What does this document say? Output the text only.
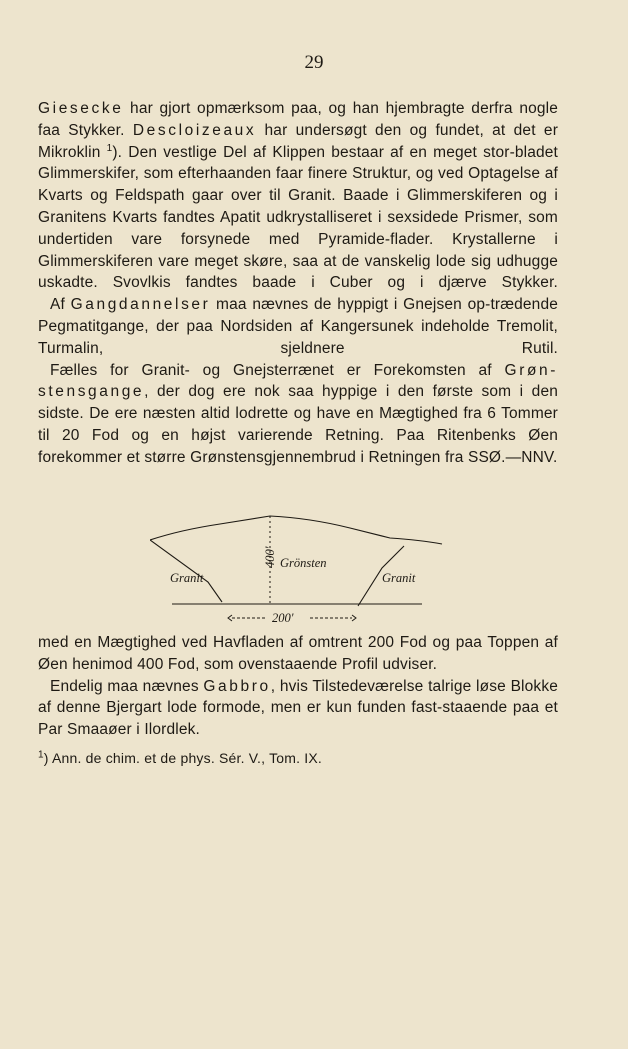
29

Giesecke har gjort opmærksom paa, og han hjembragte derfra nogle faa Stykker. Descloizeaux har undersøgt den og fundet, at det er Mikroklin $^1$). Den vestlige Del af Klippen bestaar af en meget stor-bladet Glimmerskifer, som efterhaanden faar finere Struktur, og ved Optagelse af Kvarts og Feldspath gaar over til Granit. Baade i Glimmerskiferen og i Granitens Kvarts fandtes Apatit udkrystalliseret i sexsidede Prismer, som undertiden vare forsynede med Pyramide-flader. Krystallerne i Glimmerskiferen vare meget skøre, saa at de vanskelig lode sig udhugge uskadte. Svovlkis fandtes baade i Cuber og i djærve Stykker.

Af Gangdannelser maa nævnes de hyppigt i Gnejsen op-trædende Pegmatitgange, der paa Nordsiden af Kangersunek indeholde Tremolit, Turmalin, sjeldnere Rutil.

Fælles for Granit- og Gnejsterrænet er Forekomsten af Grøn-stensgange, der dog ere nok saa hyppige i den første som i den sidste. De ere næsten altid lodrette og have en Mægtighed fra 6 Tommer til 20 Fod og en højst varierende Retning. Paa Ritenbenks Øen forekommer et større Grønstensgjennembrud i Retningen fra SSØ.—NNV.

Granit
Grönsten
Granit
400'
200'

med en Mægtighed ved Havfladen af omtrent 200 Fod og paa Toppen af Øen henimod 400 Fod, som ovenstaaende Profil udviser.

Endelig maa nævnes Gabbro, hvis Tilstedeværelse talrige løse Blokke af denne Bjergart lode formode, men er kun funden fast-staaende paa et Par Smaaøer i Ilordlek.

$^1$) Ann. de chim. et de phys. Sér. V., Tom. IX.
